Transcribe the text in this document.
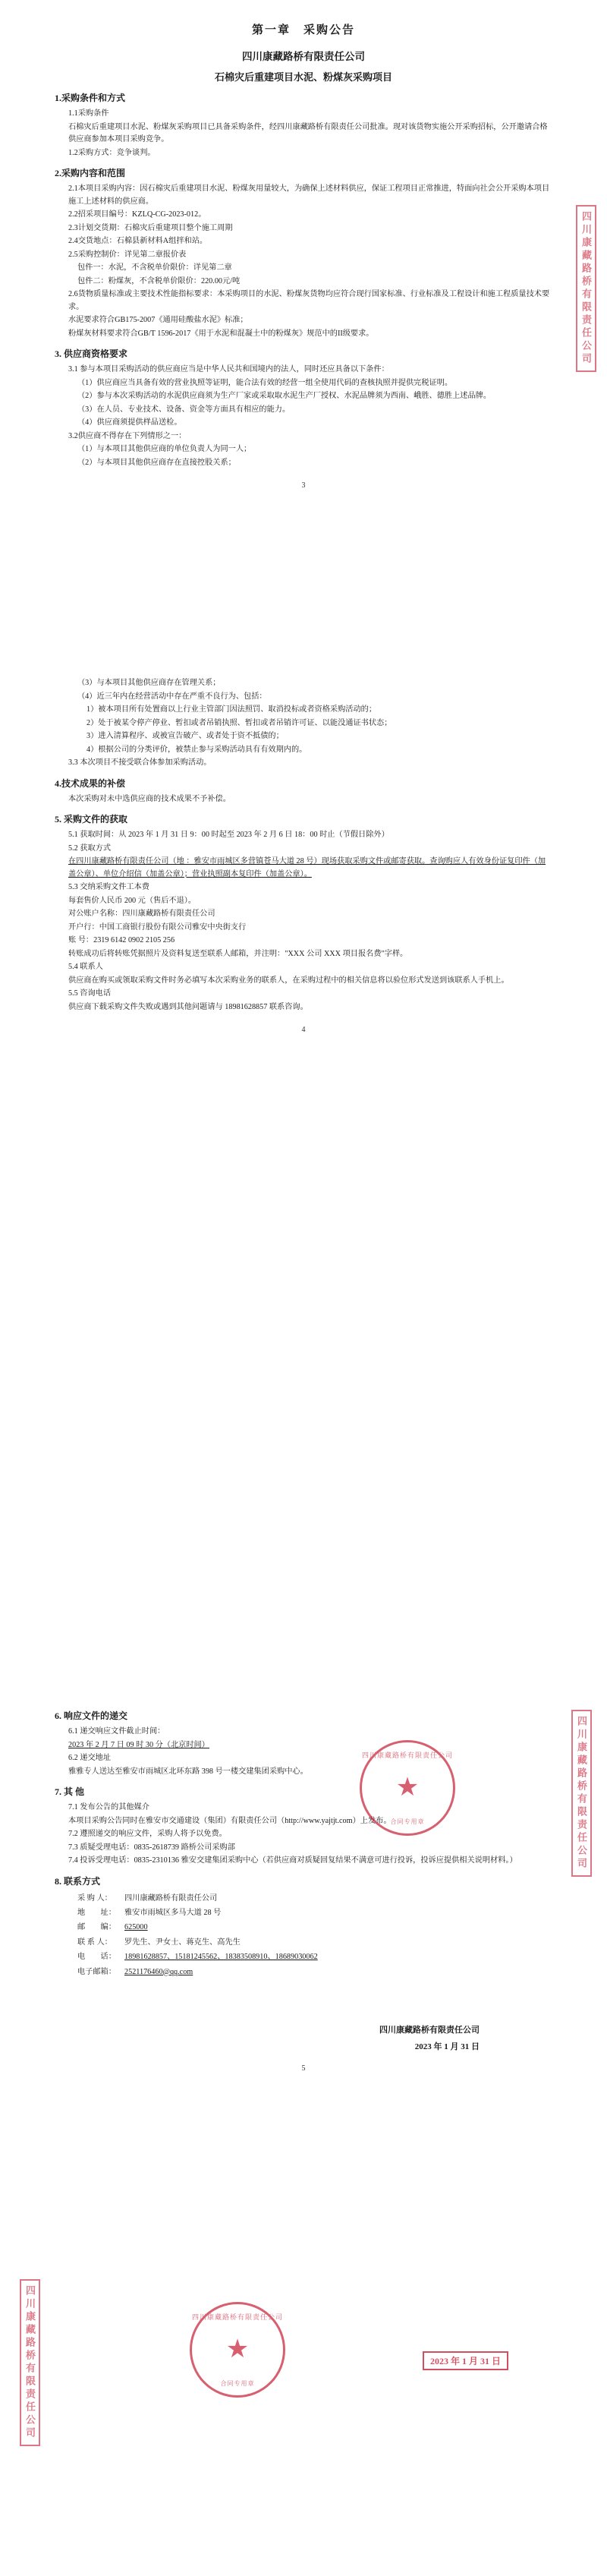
第一章　采购公告
四川康藏路桥有限责任公司
石棉灾后重建项目水泥、粉煤灰采购项目
1.采购条件和方式

1.1采购条件

石棉灾后重建项目水泥、粉煤灰采购项目已具备采购条件，经四川康藏路桥有限责任公司批准。现对该货物实施公开采购招标，公开邀请合格供应商参加本项目采购竞争。

1.2采购方式：竞争谈判。

2.采购内容和范围

2.1本项目采购内容：因石棉灾后重建项目水泥、粉煤灰用量较大，为确保上述材料供应，保证工程项目正常推进，特面向社会公开采购本项目施工上述材料的供应商。

2.2招采项目编号：KZLQ-CG-2023-012。

2.3计划交货期：石棉灾后重建项目整个施工周期

2.4交货地点：石棉县新材料A组拌和站。

2.5采购控制价：详见第二章报价表

包件一：水泥，不含税单价限价：详见第二章

包件二：粉煤灰，不含税单价限价：220.00元/吨

2.6货物质量标准或主要技术性能指标要求：本采购项目的水泥、粉煤灰货物均应符合现行国家标准、行业标准及工程设计和施工程质量技术要求。

水泥要求符合GB175-2007《通用硅酸盐水泥》标准；

粉煤灰材料要求符合GB/T 1596-2017《用于水泥和混凝土中的粉煤灰》规范中的II级要求。

3. 供应商资格要求

3.1 参与本项目采购活动的供应商应当是中华人民共和国境内的法人，同时还应具备以下条件：

（1）供应商应当具备有效的营业执照等证明，能合法有效的经营一组全使用代码的查核执照并提供完税证明。

（2）参与本次采购活动的水泥供应商须为生产厂家或采取取水泥生产厂授权、水泥品牌须为西南、峨胜、德胜上述品牌。

（3）在人员、专业技术、设备、资金等方面具有相应的能力。

（4）供应商须提供样品送检。

3.2供应商不得存在下列情形之一：

（1）与本项目其他供应商的单位负责人为同一人；

（2）与本项目其他供应商存在直接控股关系；

3
四川康藏路桥有限责任公司

（3）与本项目其他供应商存在管理关系；

（4）近三年内在经营活动中存在严重不良行为、包括：

1）被本项目所有处置商以上行业主管部门因法照罚、取消投标或者资格采购活动的；

2）处于被某令停产停业、暂扣或者吊销执照、暂扣或者吊销许可证、以能没通证书状态；

3）进入清算程序、或被宣告破产、或者处于资不抵债的；

4）根据公司的分类评价，被禁止参与采购活动具有有效期内的。

3.3 本次项目不接受联合体参加采购活动。

4.技术成果的补偿

本次采购对未中选供应商的技术成果不予补偿。

5. 采购文件的获取

5.1 获取时间：从 2023 年 1 月 31 日 9：00 时起至 2023 年 2 月 6 日 18：00 时止（节假日除外）

5.2 获取方式

在四川康藏路桥有限责任公司（地 ：雅安市雨城区多营镇苍马大道 28 号）现场获取采购文件或邮寄获取。查询购应人有效身份证复印件（加盖公章）、单位介绍信（加盖公章）；营业执照副本复印件（加盖公章）。

5.3 交纳采购文件工本费

每套售价人民币 200 元（售后不退）。

对公账户名称：四川康藏路桥有限责任公司

开户行：中国工商银行股份有限公司雅安中央街支行

账 号：2319 6142 0902 2105 256

转账成功后将转账凭据照片及资料复送至联系人邮箱，并注明："XXX 公司 XXX 项目报名费"字样。

5.4 联系人

供应商在购买或领取采购文件时务必填写本次采购业务的联系人，在采购过程中的相关信息将以验位形式发送到该联系人手机上。

5.5 咨询电话

供应商下载采购文件失败或遇到其他问题请与 18981628857 联系咨询。

4
6. 响应文件的递交

6.1 递交响应文件截止时间：

2023 年 2 月 7 日 09 时 30 分（北京时间）

6.2 递交地址

雅雅专人送达至雅安市雨城区北环东路 398 号一楼交建集团采购中心。

7. 其 他

7.1 发布公告的其他媒介

本项目采购公告同时在雅安市交通建设（集团）有限责任公司（http://www.yajtjt.com）上发布。

7.2 遵照递交的响应文件，采购人将予以免费。

7.3 质疑受理电话：0835-2618739 路桥公司采购部

7.4 投诉受理电话：0835-2310136 雅安交建集团采购中心（若供应商对质疑回复结果不满意可进行投诉，投诉应提供相关说明材料。）

8. 联系方式

采 购 人： 四川康藏路桥有限责任公司

地　　址： 雅安市雨城区多马大道 28 号

邮　　编： 625000

联 系 人： 罗先生、尹女士、蒋克生、高先生

电　　话： 18981628857、15181245562、18383508910、18689030062

电子邮箱： 2521176460@qq.com

四川康藏路桥有限责任公司

2023 年 1 月 31 日

5
四川康藏路桥有限责任公司
四川康藏路桥有限责任公司
★
合同专用章
四川康藏路桥有限责任公司
★
合同专用章
2023 年 1 月 31 日
四川康藏路桥有限责任公司
